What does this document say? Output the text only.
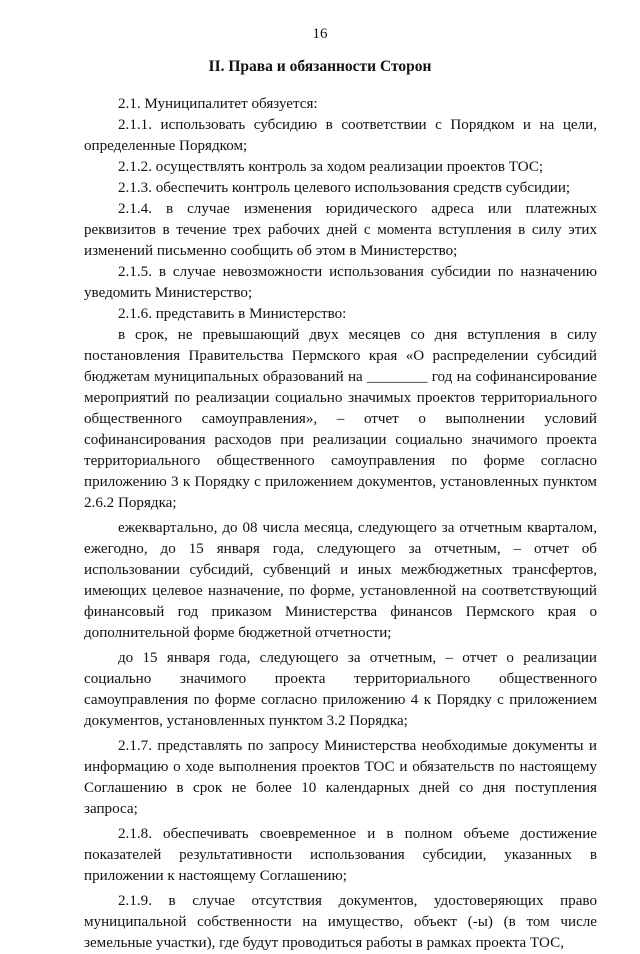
16
II. Права и обязанности Сторон

2.1. Муниципалитет обязуется:

2.1.1. использовать субсидию в соответствии с Порядком и на цели, определенные Порядком;

2.1.2. осуществлять контроль за ходом реализации проектов ТОС;

2.1.3. обеспечить контроль целевого использования средств субсидии;

2.1.4. в случае изменения юридического адреса или платежных реквизитов в течение трех рабочих дней с момента вступления в силу этих изменений письменно сообщить об этом в Министерство;

2.1.5. в случае невозможности использования субсидии по назначению уведомить Министерство;

2.1.6. представить в Министерство:

в срок, не превышающий двух месяцев со дня вступления в силу постановления Правительства Пермского края «О распределении субсидий бюджетам муниципальных образований на ________ год на софинансирование мероприятий по реализации социально значимых проектов территориального общественного самоуправления», – отчет о выполнении условий софинансирования расходов при реализации социально значимого проекта территориального общественного самоуправления по форме согласно приложению 3 к Порядку с приложением документов, установленных пунктом 2.6.2 Порядка;

ежеквартально, до 08 числа месяца, следующего за отчетным кварталом, ежегодно, до 15 января года, следующего за отчетным, – отчет об использовании субсидий, субвенций и иных межбюджетных трансфертов, имеющих целевое назначение, по форме, установленной на соответствующий финансовый год приказом Министерства финансов Пермского края о дополнительной форме бюджетной отчетности;

до 15 января года, следующего за отчетным, – отчет о реализации социально значимого проекта территориального общественного самоуправления по форме согласно приложению 4 к Порядку с приложением документов, установленных пунктом 3.2 Порядка;

2.1.7. представлять по запросу Министерства необходимые документы и информацию о ходе выполнения проектов ТОС и обязательств по настоящему Соглашению в срок не более 10 календарных дней со дня поступления запроса;

2.1.8. обеспечивать своевременное и в полном объеме достижение показателей результативности использования субсидии, указанных в приложении к настоящему Соглашению;

2.1.9. в случае отсутствия документов, удостоверяющих право муниципальной собственности на имущество, объект (-ы) (в том числе земельные участки), где будут проводиться работы в рамках проекта ТОС,
